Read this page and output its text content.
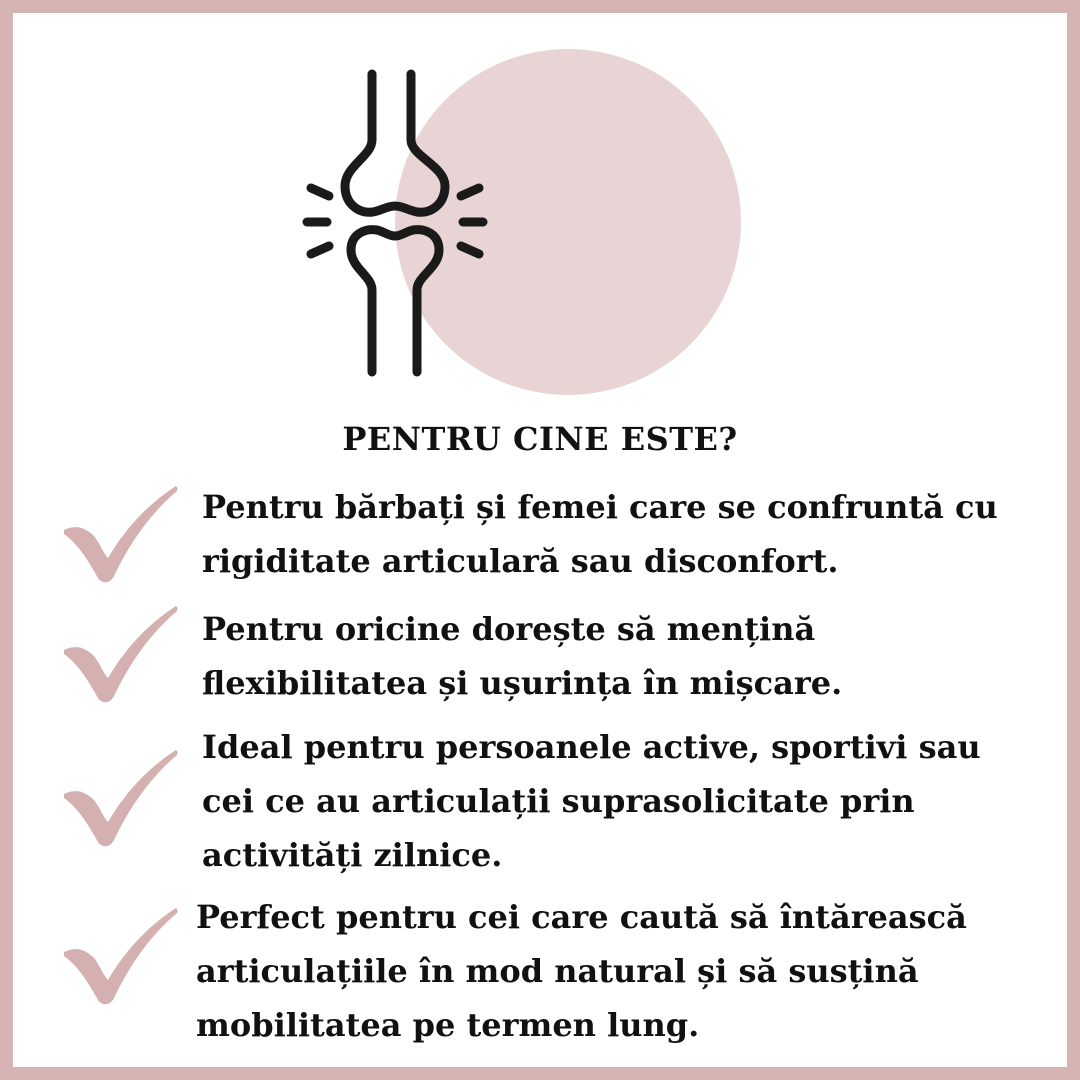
PENTRU CINE ESTE?
Pentru bărbați și femei care se confruntă cu
rigiditate articulară sau disconfort.
Pentru oricine dorește să mențină
flexibilitatea și ușurința în mișcare.
Ideal pentru persoanele active, sportivi sau
cei ce au articulații suprasolicitate prin
activități zilnice.
Perfect pentru cei care caută să întărească
articulațiile în mod natural și să susțină
mobilitatea pe termen lung.
